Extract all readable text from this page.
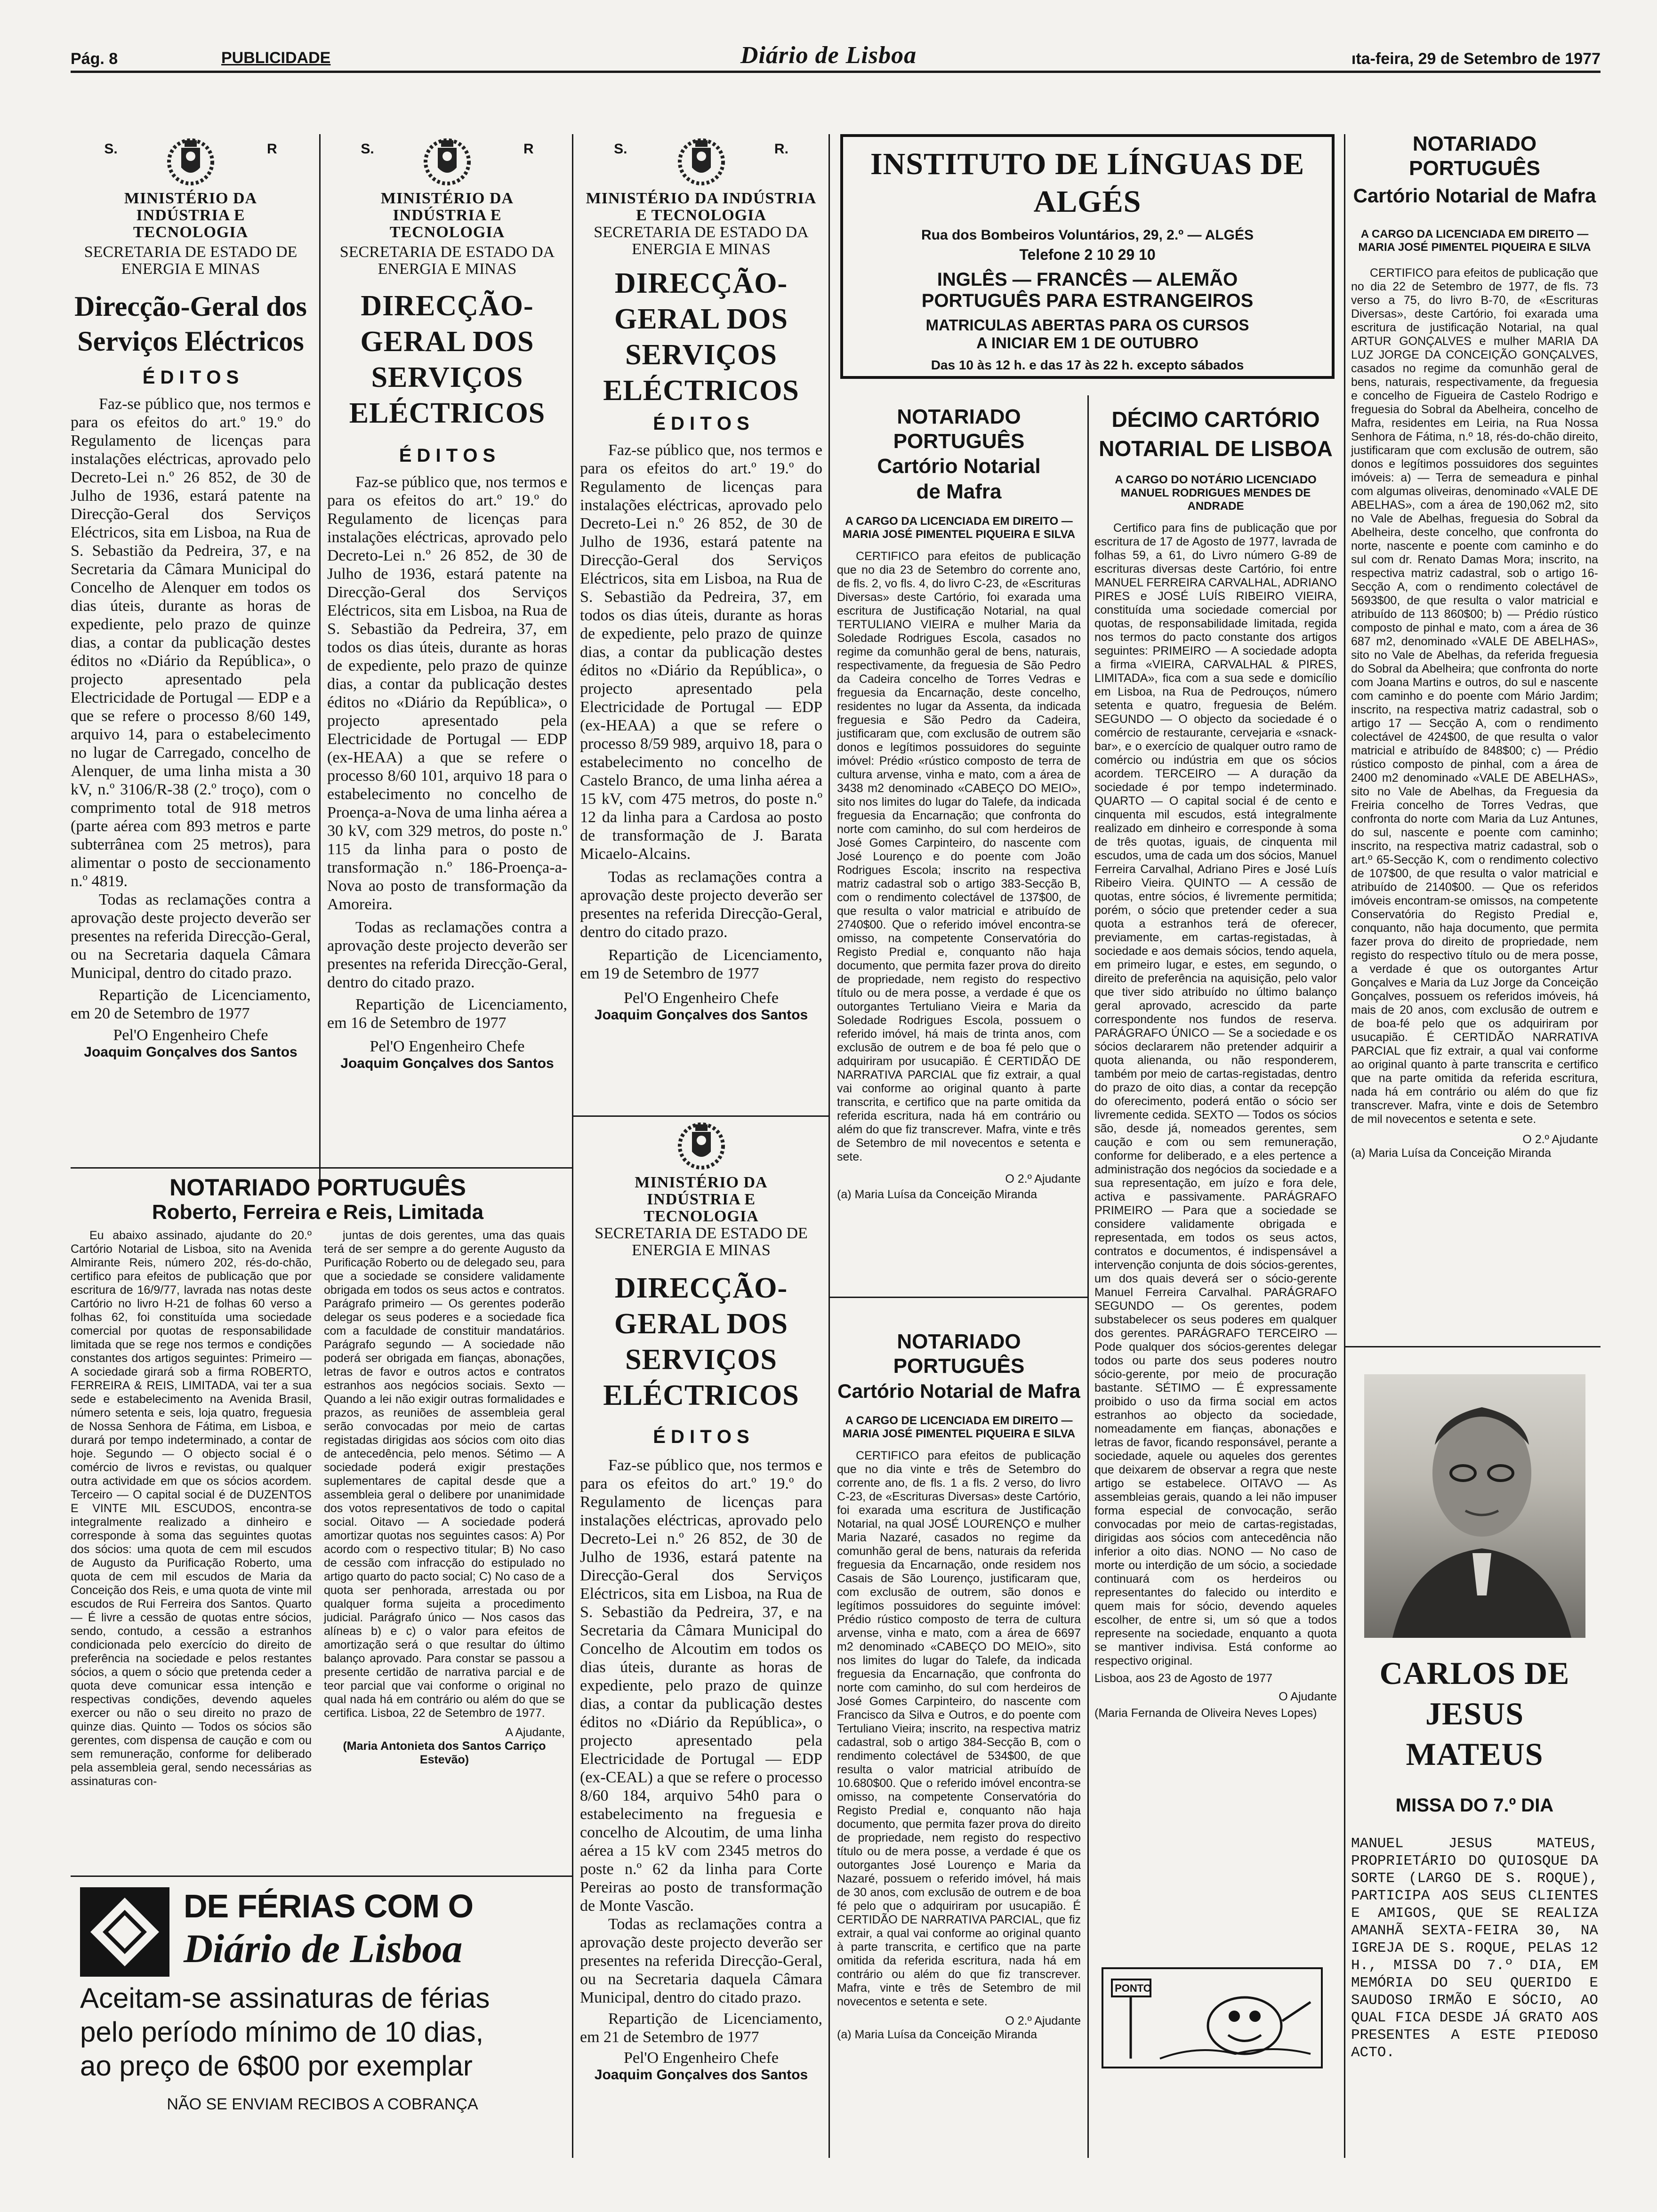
Pág. 8	PUBLICIDADE	Diário de Lisboa	ıta-feira, 29 de Setembro de 1977
S.	R
MINISTÉRIO DA INDÚSTRIA E TECNOLOGIA
SECRETARIA DE ESTADO DE ENERGIA E MINAS
Direcção-Geral dos Serviços Eléctricos
É D I T O S
Faz-se público que, nos termos e para os efeitos do art.º 19.º do Regulamento de licenças para instalações eléctricas, aprovado pelo Decreto-Lei n.º 26 852, de 30 de Julho de 1936, estará patente na Direcção-Geral dos Serviços Eléctricos, sita em Lisboa, na Rua de S. Sebastião da Pedreira, 37, e na Secretaria da Câmara Municipal do Concelho de Alenquer em todos os dias úteis, durante as horas de expediente, pelo prazo de quinze dias, a contar da publicação destes éditos no «Diário da República», o projecto apresentado pela Electricidade de Portugal — EDP e a que se refere o processo 8/60 149, arquivo 14, para o estabelecimento no lugar de Carregado, concelho de Alenquer, de uma linha mista a 30 kV, n.º 3106/R-38 (2.º troço), com o comprimento total de 918 metros (parte aérea com 893 metros e parte subterrânea com 25 metros), para alimentar o posto de seccionamento n.º 4819.
Todas as reclamações contra a aprovação deste projecto deverão ser presentes na referida Direcção-Geral, ou na Secretaria daquela Câmara Municipal, dentro do citado prazo.
Repartição de Licenciamento, em 20 de Setembro de 1977
Pel'O Engenheiro Chefe
Joaquim Gonçalves dos Santos
S.	R
MINISTÉRIO DA INDÚSTRIA E TECNOLOGIA
SECRETARIA DE ESTADO DA ENERGIA E MINAS
DIRECÇÃO-GERAL DOS SERVIÇOS ELÉCTRICOS
É D I T O S
Faz-se público que, nos termos e para os efeitos do art.º 19.º do Regulamento de licenças para instalações eléctricas, aprovado pelo Decreto-Lei n.º 26 852, de 30 de Julho de 1936, estará patente na Direcção-Geral dos Serviços Eléctricos, sita em Lisboa, na Rua de S. Sebastião da Pedreira, 37, em todos os dias úteis, durante as horas de expediente, pelo prazo de quinze dias, a contar da publicação destes éditos no «Diário da República», o projecto apresentado pela Electricidade de Portugal — EDP (ex-HEAA) a que se refere o processo 8/60 101, arquivo 18 para o estabelecimento no concelho de Proença-a-Nova de uma linha aérea a 30 kV, com 329 metros, do poste n.º 115 da linha para o posto de transformação n.º 186-Proença-a-Nova ao posto de transformação da Amoreira.
Todas as reclamações contra a aprovação deste projecto deverão ser presentes na referida Direcção-Geral, dentro do citado prazo.
Repartição de Licenciamento, em 16 de Setembro de 1977
Pel'O Engenheiro Chefe
Joaquim Gonçalves dos Santos
S.	R.
MINISTÉRIO DA INDÚSTRIA E TECNOLOGIA
SECRETARIA DE ESTADO DA ENERGIA E MINAS
DIRECÇÃO-GERAL DOS SERVIÇOS ELÉCTRICOS
É D I T O S
Faz-se público que, nos termos e para os efeitos do art.º 19.º do Regulamento de licenças para instalações eléctricas, aprovado pelo Decreto-Lei n.º 26 852, de 30 de Julho de 1936, estará patente na Direcção-Geral dos Serviços Eléctricos, sita em Lisboa, na Rua de S. Sebastião da Pedreira, 37, em todos os dias úteis, durante as horas de expediente, pelo prazo de quinze dias, a contar da publicação destes éditos no «Diário da República», o projecto apresentado pela Electricidade de Portugal — EDP (ex-HEAA) a que se refere o processo 8/59 989, arquivo 18, para o estabelecimento no concelho de Castelo Branco, de uma linha aérea a 15 kV, com 475 metros, do poste n.º 12 da linha para a Cardosa ao posto de transformação de J. Barata Micaelo-Alcains.
Todas as reclamações contra a aprovação deste projecto deverão ser presentes na referida Direcção-Geral, dentro do citado prazo.
Repartição de Licenciamento, em 19 de Setembro de 1977
Pel'O Engenheiro Chefe
Joaquim Gonçalves dos Santos
MINISTÉRIO DA INDÚSTRIA E TECNOLOGIA
SECRETARIA DE ESTADO DE ENERGIA E MINAS
DIRECÇÃO-GERAL DOS SERVIÇOS ELÉCTRICOS
É D I T O S
Faz-se público que, nos termos e para os efeitos do art.º 19.º do Regulamento de licenças para instalações eléctricas, aprovado pelo Decreto-Lei n.º 26 852, de 30 de Julho de 1936, estará patente na Direcção-Geral dos Serviços Eléctricos, sita em Lisboa, na Rua de S. Sebastião da Pedreira, 37, e na Secretaria da Câmara Municipal do Concelho de Alcoutim em todos os dias úteis, durante as horas de expediente, pelo prazo de quinze dias, a contar da publicação destes éditos no «Diário da República», o projecto apresentado pela Electricidade de Portugal — EDP (ex-CEAL) a que se refere o processo 8/60 184, arquivo 54h0 para o estabelecimento na freguesia e concelho de Alcoutim, de uma linha aérea a 15 kV com 2345 metros do poste n.º 62 da linha para Corte Pereiras ao posto de transformação de Monte Vascão.
Todas as reclamações contra a aprovação deste projecto deverão ser presentes na referida Direcção-Geral, ou na Secretaria daquela Câmara Municipal, dentro do citado prazo.
Repartição de Licenciamento, em 21 de Setembro de 1977
Pel'O Engenheiro Chefe
Joaquim Gonçalves dos Santos
INSTITUTO DE LÍNGUAS DE ALGÉS
Rua dos Bombeiros Voluntários, 29, 2.º — ALGÉS
Telefone 2 10 29 10
INGLÊS — FRANCÊS — ALEMÃO
PORTUGUÊS PARA ESTRANGEIROS
MATRICULAS ABERTAS PARA OS CURSOS
A INICIAR EM 1 DE OUTUBRO
Das 10 às 12 h. e das 17 às 22 h. excepto sábados
NOTARIADO PORTUGUÊS
Roberto, Ferreira e Reis, Limitada
Eu abaixo assinado, ajudante do 20.º Cartório Notarial de Lisboa, sito na Avenida Almirante Reis, número 202, rés-do-chão, certifico para efeitos de publicação que por escritura de 16/9/77, lavrada nas notas deste Cartório no livro H-21 de folhas 60 verso a folhas 62, foi constituída uma sociedade comercial por quotas de responsabilidade limitada que se rege nos termos e condições constantes dos artigos seguintes: Primeiro — A sociedade girará sob a firma ROBERTO, FERREIRA & REIS, LIMITADA, vai ter a sua sede e estabelecimento na Avenida Brasil, número setenta e seis, loja quatro, freguesia de Nossa Senhora de Fátima, em Lisboa, e durará por tempo indeterminado, a contar de hoje. Segundo — O objecto social é o comércio de livros e revistas, ou qualquer outra actividade em que os sócios acordem. Terceiro — O capital social é de DUZENTOS E VINTE MIL ESCUDOS, encontra-se integralmente realizado a dinheiro e corresponde à soma das seguintes quotas dos sócios: uma quota de cem mil escudos de Augusto da Purificação Roberto, uma quota de cem mil escudos de Maria da Conceição dos Reis, e uma quota de vinte mil escudos de Rui Ferreira dos Santos. Quarto — É livre a cessão de quotas entre sócios, sendo, contudo, a cessão a estranhos condicionada pelo exercício do direito de preferência na sociedade e pelos restantes sócios, a quem o sócio que pretenda ceder a quota deve comunicar essa intenção e respectivas condições, devendo aqueles exercer ou não o seu direito no prazo de quinze dias. Quinto — Todos os sócios são gerentes, com dispensa de caução e com ou sem remuneração, conforme for deliberado pela assembleia geral, sendo necessárias as assinaturas con-
juntas de dois gerentes, uma das quais terá de ser sempre a do gerente Augusto da Purificação Roberto ou de delegado seu, para que a sociedade se considere validamente obrigada em todos os seus actos e contratos. Parágrafo primeiro — Os gerentes poderão delegar os seus poderes e a sociedade fica com a faculdade de constituir mandatários. Parágrafo segundo — A sociedade não poderá ser obrigada em fianças, abonações, letras de favor e outros actos e contratos estranhos aos negócios sociais. Sexto — Quando a lei não exigir outras formalidades e prazos, as reuniões de assembleia geral serão convocadas por meio de cartas registadas dirigidas aos sócios com oito dias de antecedência, pelo menos. Sétimo — A sociedade poderá exigir prestações suplementares de capital desde que a assembleia geral o delibere por unanimidade dos votos representativos de todo o capital social. Oitavo — A sociedade poderá amortizar quotas nos seguintes casos: A) Por acordo com o respectivo titular; B) No caso de cessão com infracção do estipulado no artigo quarto do pacto social; C) No caso de a quota ser penhorada, arrestada ou por qualquer forma sujeita a procedimento judicial. Parágrafo único — Nos casos das alíneas b) e c) o valor para efeitos de amortização será o que resultar do último balanço aprovado. Para constar se passou a presente certidão de narrativa parcial e de teor parcial que vai conforme o original no qual nada há em contrário ou além do que se certifica. Lisboa, 22 de Setembro de 1977.
A Ajudante,
(Maria Antonieta dos Santos Carriço Estevão)
DE FÉRIAS COM O
Diário de Lisboa
Aceitam-se assinaturas de férias
pelo período mínimo de 10 dias,
ao preço de 6$00 por exemplar
NÃO SE ENVIAM RECIBOS A COBRANÇA
NOTARIADO PORTUGUÊS
Cartório Notarial de Mafra
A CARGO DA LICENCIADA EM DIREITO — MARIA JOSÉ PIMENTEL PIQUEIRA E SILVA
CERTIFICO para efeitos de publicação que no dia 23 de Setembro do corrente ano, de fls. 2, vo fls. 4, do livro C-23, de «Escrituras Diversas» deste Cartório, foi exarada uma escritura de Justificação Notarial, na qual TERTULIANO VIEIRA e mulher Maria da Soledade Rodrigues Escola, casados no regime da comunhão geral de bens, naturais, respectivamente, da freguesia de São Pedro da Cadeira concelho de Torres Vedras e freguesia da Encarnação, deste concelho, residentes no lugar da Assenta, da indicada freguesia e São Pedro da Cadeira, justificaram que, com exclusão de outrem são donos e legítimos possuidores do seguinte imóvel: Prédio «rústico composto de terra de cultura arvense, vinha e mato, com a área de 3438 m2 denominado «CABEÇO DO MEIO», sito nos limites do lugar do Talefe, da indicada freguesia da Encarnação; que confronta do norte com caminho, do sul com herdeiros de José Gomes Carpinteiro, do nascente com José Lourenço e do poente com João Rodrigues Escola; inscrito na respectiva matriz cadastral sob o artigo 383-Secção B, com o rendimento colectável de 137$00, de que resulta o valor matricial e atribuído de 2740$00. Que o referido imóvel encontra-se omisso, na competente Conservatória do Registo Predial e, conquanto não haja documento, que permita fazer prova do direito de propriedade, nem registo do respectivo título ou de mera posse, a verdade é que os outorgantes Tertuliano Vieira e Maria da Soledade Rodrigues Escola, possuem o referido imóvel, há mais de trinta anos, com exclusão de outrem e de boa fé pelo que o adquiriram por usucapião. É CERTIDÃO DE NARRATIVA PARCIAL que fiz extrair, a qual vai conforme ao original quanto à parte transcrita, e certifico que na parte omitida da referida escritura, nada há em contrário ou além do que fiz transcrever. Mafra, vinte e três de Setembro de mil novecentos e setenta e sete.
O 2.º Ajudante
(a) Maria Luísa da Conceição Miranda
NOTARIADO PORTUGUÊS
Cartório Notarial de Mafra
A CARGO DE LICENCIADA EM DIREITO — MARIA JOSÉ PIMENTEL PIQUEIRA E SILVA
CERTIFICO para efeitos de publicação que no dia vinte e três de Setembro do corrente ano, de fls. 1 a fls. 2 verso, do livro C-23, de «Escrituras Diversas» deste Cartório, foi exarada uma escritura de Justificação Notarial, na qual JOSÉ LOURENÇO e mulher Maria Nazaré, casados no regime da comunhão geral de bens, naturais da referida freguesia da Encarnação, onde residem nos Casais de São Lourenço, justificaram que, com exclusão de outrem, são donos e legítimos possuidores do seguinte imóvel: Prédio rústico composto de terra de cultura arvense, vinha e mato, com a área de 6697 m2 denominado «CABEÇO DO MEIO», sito nos limites do lugar do Talefe, da indicada freguesia da Encarnação, que confronta do norte com caminho, do sul com herdeiros de José Gomes Carpinteiro, do nascente com Francisco da Silva e Outros, e do poente com Tertuliano Vieira; inscrito, na respectiva matriz cadastral, sob o artigo 384-Secção B, com o rendimento colectável de 534$00, de que resulta o valor matricial atribuído de 10.680$00. Que o referido imóvel encontra-se omisso, na competente Conservatória do Registo Predial e, conquanto não haja documento, que permita fazer prova do direito de propriedade, nem registo do respectivo título ou de mera posse, a verdade é que os outorgantes José Lourenço e Maria da Nazaré, possuem o referido imóvel, há mais de 30 anos, com exclusão de outrem e de boa fé pelo que o adquiriram por usucapião. É CERTIDÃO DE NARRATIVA PARCIAL, que fiz extrair, a qual vai conforme ao original quanto à parte transcrita, e certifico que na parte omitida da referida escritura, nada há em contrário ou além do que fiz transcrever. Mafra, vinte e três de Setembro de mil novecentos e setenta e sete.
O 2.º Ajudante
(a) Maria Luísa da Conceição Miranda
DÉCIMO CARTÓRIO
NOTARIAL DE LISBOA
A CARGO DO NOTÁRIO LICENCIADO MANUEL RODRIGUES MENDES DE ANDRADE
Certifico para fins de publicação que por escritura de 17 de Agosto de 1977, lavrada de folhas 59, a 61, do Livro número G-89 de escrituras diversas deste Cartório, foi entre MANUEL FERREIRA CARVALHAL, ADRIANO PIRES e JOSÉ LUÍS RIBEIRO VIEIRA, constituída uma sociedade comercial por quotas, de responsabilidade limitada, regida nos termos do pacto constante dos artigos seguintes: PRIMEIRO — A sociedade adopta a firma «VIEIRA, CARVALHAL & PIRES, LIMITADA», fica com a sua sede e domicílio em Lisboa, na Rua de Pedrouços, número setenta e quatro, freguesia de Belém. SEGUNDO — O objecto da sociedade é o comércio de restaurante, cervejaria e «snack-bar», e o exercício de qualquer outro ramo de comércio ou indústria em que os sócios acordem. TERCEIRO — A duração da sociedade é por tempo indeterminado. QUARTO — O capital social é de cento e cinquenta mil escudos, está integralmente realizado em dinheiro e corresponde à soma de três quotas, iguais, de cinquenta mil escudos, uma de cada um dos sócios, Manuel Ferreira Carvalhal, Adriano Pires e José Luís Ribeiro Vieira. QUINTO — A cessão de quotas, entre sócios, é livremente permitida; porém, o sócio que pretender ceder a sua quota a estranhos terá de oferecer, previamente, em cartas-registadas, à sociedade e aos demais sócios, tendo aquela, em primeiro lugar, e estes, em segundo, o direito de preferência na aquisição, pelo valor que tiver sido atribuído no último balanço geral aprovado, acrescido da parte correspondente nos fundos de reserva. PARÁGRAFO ÚNICO — Se a sociedade e os sócios declararem não pretender adquirir a quota alienanda, ou não responderem, também por meio de cartas-registadas, dentro do prazo de oito dias, a contar da recepção do oferecimento, poderá então o sócio ser livremente cedida. SEXTO — Todos os sócios são, desde já, nomeados gerentes, sem caução e com ou sem remuneração, conforme for deliberado, e a eles pertence a administração dos negócios da sociedade e a sua representação, em juízo e fora dele, activa e passivamente. PARÁGRAFO PRIMEIRO — Para que a sociedade se considere validamente obrigada e representada, em todos os seus actos, contratos e documentos, é indispensável a intervenção conjunta de dois sócios-gerentes, um dos quais deverá ser o sócio-gerente Manuel Ferreira Carvalhal. PARÁGRAFO SEGUNDO — Os gerentes, podem substabelecer os seus poderes em qualquer dos gerentes. PARÁGRAFO TERCEIRO — Pode qualquer dos sócios-gerentes delegar todos ou parte dos seus poderes noutro sócio-gerente, por meio de procuração bastante. SÉTIMO — É expressamente proibido o uso da firma social em actos estranhos ao objecto da sociedade, nomeadamente em fianças, abonações e letras de favor, ficando responsável, perante a sociedade, aquele ou aqueles dos gerentes que deixarem de observar a regra que neste artigo se estabelece. OITAVO — As assembleias gerais, quando a lei não impuser forma especial de convocação, serão convocadas por meio de cartas-registadas, dirigidas aos sócios com antecedência não inferior a oito dias. NONO — No caso de morte ou interdição de um sócio, a sociedade continuará com os herdeiros ou representantes do falecido ou interdito e quem mais for sócio, devendo aqueles escolher, de entre si, um só que a todos represente na sociedade, enquanto a quota se mantiver indivisa. Está conforme ao respectivo original.
Lisboa, aos 23 de Agosto de 1977
O Ajudante
(Maria Fernanda de Oliveira Neves Lopes)
PONTO
NOTARIADO PORTUGUÊS
Cartório Notarial de Mafra
A CARGO DA LICENCIADA EM DIREITO — MARIA JOSÉ PIMENTEL PIQUEIRA E SILVA
CERTIFICO para efeitos de publicação que no dia 22 de Setembro de 1977, de fls. 73 verso a 75, do livro B-70, de «Escrituras Diversas», deste Cartório, foi exarada uma escritura de justificação Notarial, na qual ARTUR GONÇALVES e mulher MARIA DA LUZ JORGE DA CONCEIÇÃO GONÇALVES, casados no regime da comunhão geral de bens, naturais, respectivamente, da freguesia e concelho de Figueira de Castelo Rodrigo e freguesia do Sobral da Abelheira, concelho de Mafra, residentes em Leiria, na Rua Nossa Senhora de Fátima, n.º 18, rés-do-chão direito, justificaram que com exclusão de outrem, são donos e legítimos possuidores dos seguintes imóveis: a) — Terra de semeadura e pinhal com algumas oliveiras, denominado «VALE DE ABELHAS», com a área de 190,062 m2, sito no Vale de Abelhas, freguesia do Sobral da Abelheira, deste concelho, que confronta do norte, nascente e poente com caminho e do sul com dr. Renato Damas Mora; inscrito, na respectiva matriz cadastral, sob o artigo 16-Secção A, com o rendimento colectável de 5693$00, de que resulta o valor matricial e atribuído de 113 860$00; b) — Prédio rústico composto de pinhal e mato, com a área de 36 687 m2, denominado «VALE DE ABELHAS», sito no Vale de Abelhas, da referida freguesia do Sobral da Abelheira; que confronta do norte com Joana Martins e outros, do sul e nascente com caminho e do poente com Mário Jardim; inscrito, na respectiva matriz cadastral, sob o artigo 17 — Secção A, com o rendimento colectável de 424$00, de que resulta o valor matricial e atribuído de 848$00; c) — Prédio rústico composto de pinhal, com a área de 2400 m2 denominado «VALE DE ABELHAS», sito no Vale de Abelhas, da Freguesia da Freiria concelho de Torres Vedras, que confronta do norte com Maria da Luz Antunes, do sul, nascente e poente com caminho; inscrito, na respectiva matriz cadastral, sob o art.º 65-Secção K, com o rendimento colectivo de 107$00, de que resulta o valor matricial e atribuído de 2140$00. — Que os referidos imóveis encontram-se omissos, na competente Conservatória do Registo Predial e, conquanto, não haja documento, que permita fazer prova do direito de propriedade, nem registo do respectivo título ou de mera posse, a verdade é que os outorgantes Artur Gonçalves e Maria da Luz Jorge da Conceição Gonçalves, possuem os referidos imóveis, há mais de 20 anos, com exclusão de outrem e de boa-fé pelo que os adquiriram por usucapião. É CERTIDÃO NARRATIVA PARCIAL que fiz extrair, a qual vai conforme ao original quanto à parte transcrita e certifico que na parte omitida da referida escritura, nada há em contrário ou além do que fiz transcrever. Mafra, vinte e dois de Setembro de mil novecentos e setenta e sete.
O 2.º Ajudante
(a) Maria Luísa da Conceição Miranda
CARLOS DE JESUS
MATEUS
MISSA DO 7.º DIA
MANUEL JESUS MATEUS, PROPRIETÁRIO DO QUIOSQUE DA SORTE (LARGO DE S. ROQUE), PARTICIPA AOS SEUS CLIENTES E AMIGOS, QUE SE REALIZA AMANHÃ SEXTA-FEIRA 30, NA IGREJA DE S. ROQUE, PELAS 12 H., MISSA DO 7.º DIA, EM MEMÓRIA DO SEU QUERIDO E SAUDOSO IRMÃO E SÓCIO, AO QUAL FICA DESDE JÁ GRATO AOS PRESENTES A ESTE PIEDOSO ACTO.
